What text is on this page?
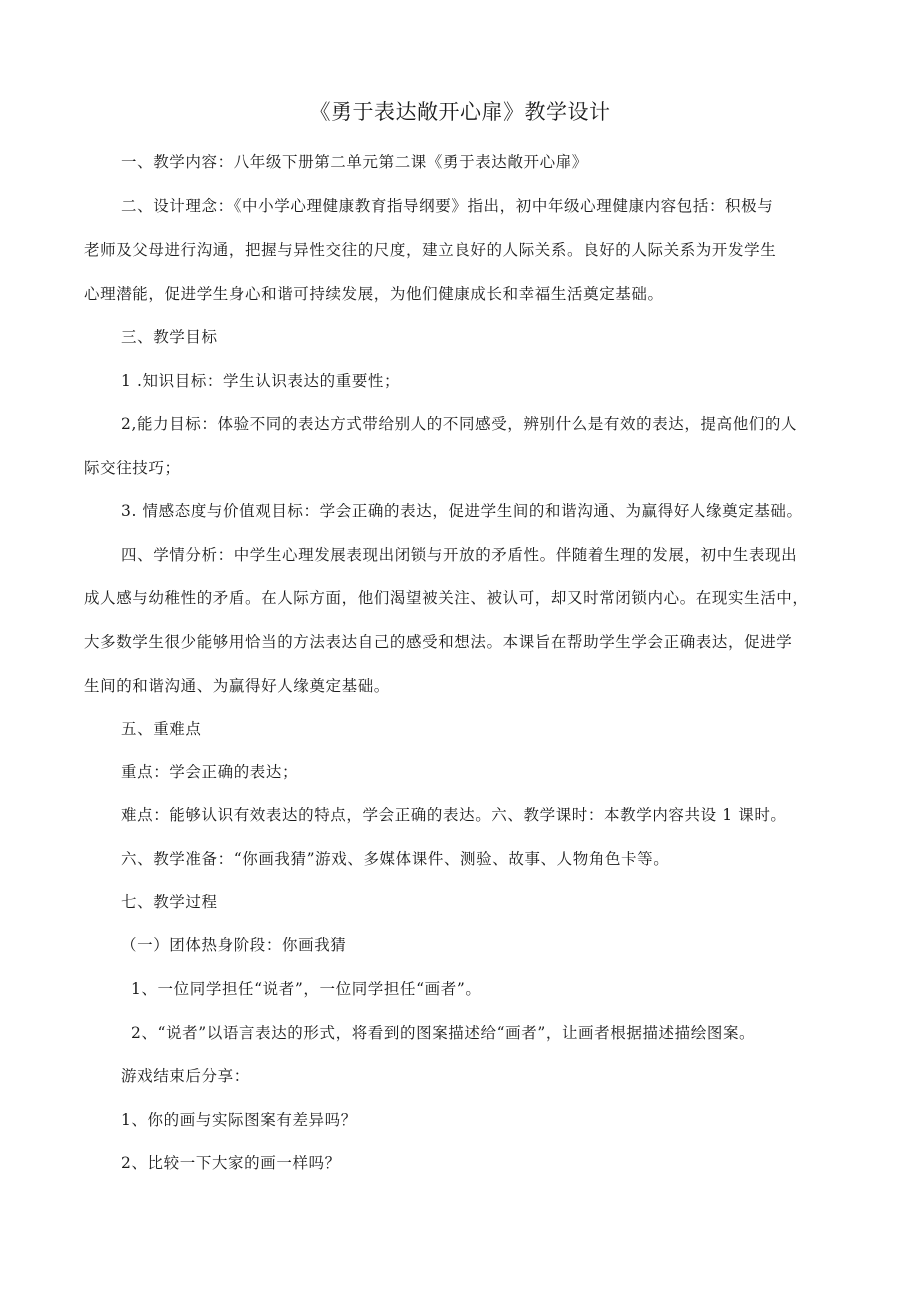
《勇于表达敞开心扉》教学设计
一、教学内容：八年级下册第二单元第二课《勇于表达敞开心扉》
二、设计理念：《中小学心理健康教育指导纲要》指出，初中年级心理健康内容包括：积极与
老师及父母进行沟通，把握与异性交往的尺度，建立良好的人际关系。良好的人际关系为开发学生
心理潜能，促进学生身心和谐可持续发展，为他们健康成长和幸福生活奠定基础。
三、教学目标
1 .知识目标：学生认识表达的重要性；
2,能力目标：体验不同的表达方式带给别人的不同感受，辨别什么是有效的表达，提高他们的人
际交往技巧；
3. 情感态度与价值观目标：学会正确的表达，促进学生间的和谐沟通、为赢得好人缘奠定基础。
四、学情分析：中学生心理发展表现出闭锁与开放的矛盾性。伴随着生理的发展，初中生表现出
成人感与幼稚性的矛盾。在人际方面，他们渴望被关注、被认可，却又时常闭锁内心。在现实生活中，
大多数学生很少能够用恰当的方法表达自己的感受和想法。本课旨在帮助学生学会正确表达，促进学
生间的和谐沟通、为赢得好人缘奠定基础。
五、重难点
重点：学会正确的表达；
难点：能够认识有效表达的特点，学会正确的表达。六、教学课时：本教学内容共设 1 课时。
六、教学准备：“你画我猜”游戏、多媒体课件、测验、故事、人物角色卡等。
七、教学过程
（一）团体热身阶段：你画我猜
1、一位同学担任“说者”，一位同学担任“画者”。
2、“说者”以语言表达的形式，将看到的图案描述给“画者”，让画者根据描述描绘图案。
游戏结束后分享：
1、你的画与实际图案有差异吗？
2、比较一下大家的画一样吗？
